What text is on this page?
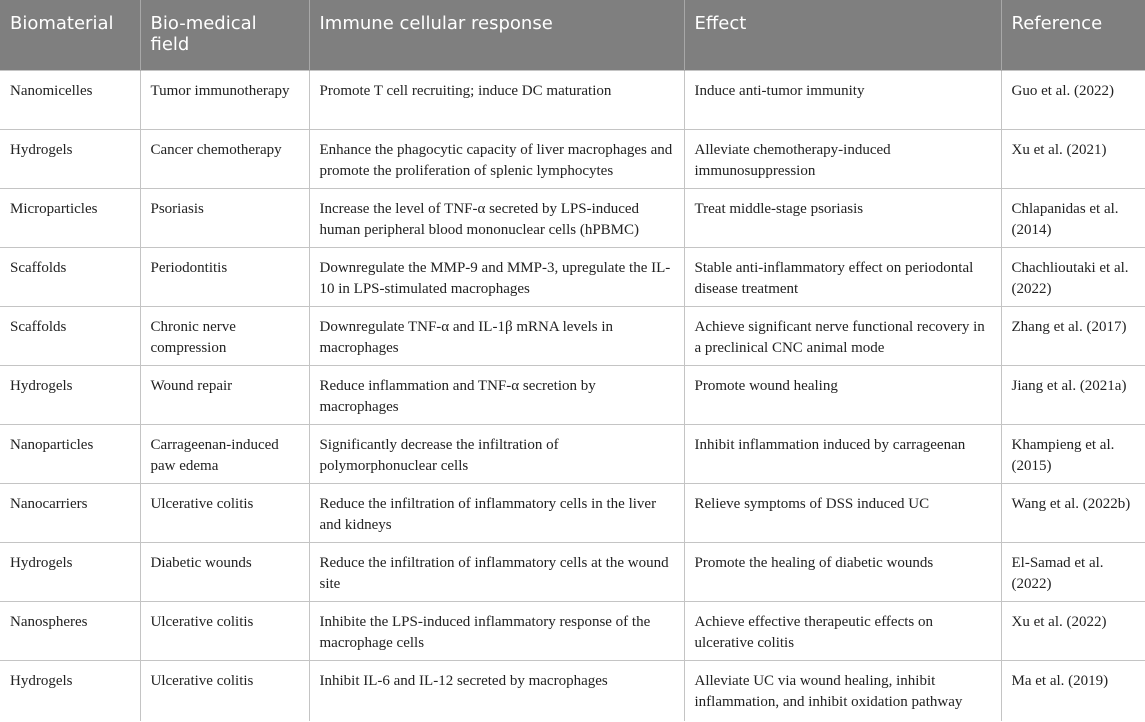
Biomaterial	Bio-medical field	Immune cellular response	Effect	Reference
Nanomicelles	Tumor immunotherapy	Promote T cell recruiting; induce DC maturation	Induce anti-tumor immunity	Guo et al. (2022)
Hydrogels	Cancer chemotherapy	Enhance the phagocytic capacity of liver macrophages and promote the proliferation of splenic lymphocytes	Alleviate chemotherapy-induced immunosuppression	Xu et al. (2021)
Microparticles	Psoriasis	Increase the level of TNF-α secreted by LPS-induced human peripheral blood mononuclear cells (hPBMC)	Treat middle-stage psoriasis	Chlapanidas et al. (2014)
Scaffolds	Periodontitis	Downregulate the MMP-9 and MMP-3, upregulate the IL-10 in LPS-stimulated macrophages	Stable anti-inflammatory effect on periodontal disease treatment	Chachlioutaki et al. (2022)
Scaffolds	Chronic nerve compression	Downregulate TNF-α and IL-1β mRNA levels in macrophages	Achieve significant nerve functional recovery in a preclinical CNC animal mode	Zhang et al. (2017)
Hydrogels	Wound repair	Reduce inflammation and TNF-α secretion by macrophages	Promote wound healing	Jiang et al. (2021a)
Nanoparticles	Carrageenan-induced paw edema	Significantly decrease the infiltration of polymorphonuclear cells	Inhibit inflammation induced by carrageenan	Khampieng et al. (2015)
Nanocarriers	Ulcerative colitis	Reduce the infiltration of inflammatory cells in the liver and kidneys	Relieve symptoms of DSS induced UC	Wang et al. (2022b)
Hydrogels	Diabetic wounds	Reduce the infiltration of inflammatory cells at the wound site	Promote the healing of diabetic wounds	El-Samad et al. (2022)
Nanospheres	Ulcerative colitis	Inhibite the LPS-induced inflammatory response of the macrophage cells	Achieve effective therapeutic effects on ulcerative colitis	Xu et al. (2022)
Hydrogels	Ulcerative colitis	Inhibit IL-6 and IL-12 secreted by macrophages	Alleviate UC via wound healing, inhibit inflammation, and inhibit oxidation pathway	Ma et al. (2019)
